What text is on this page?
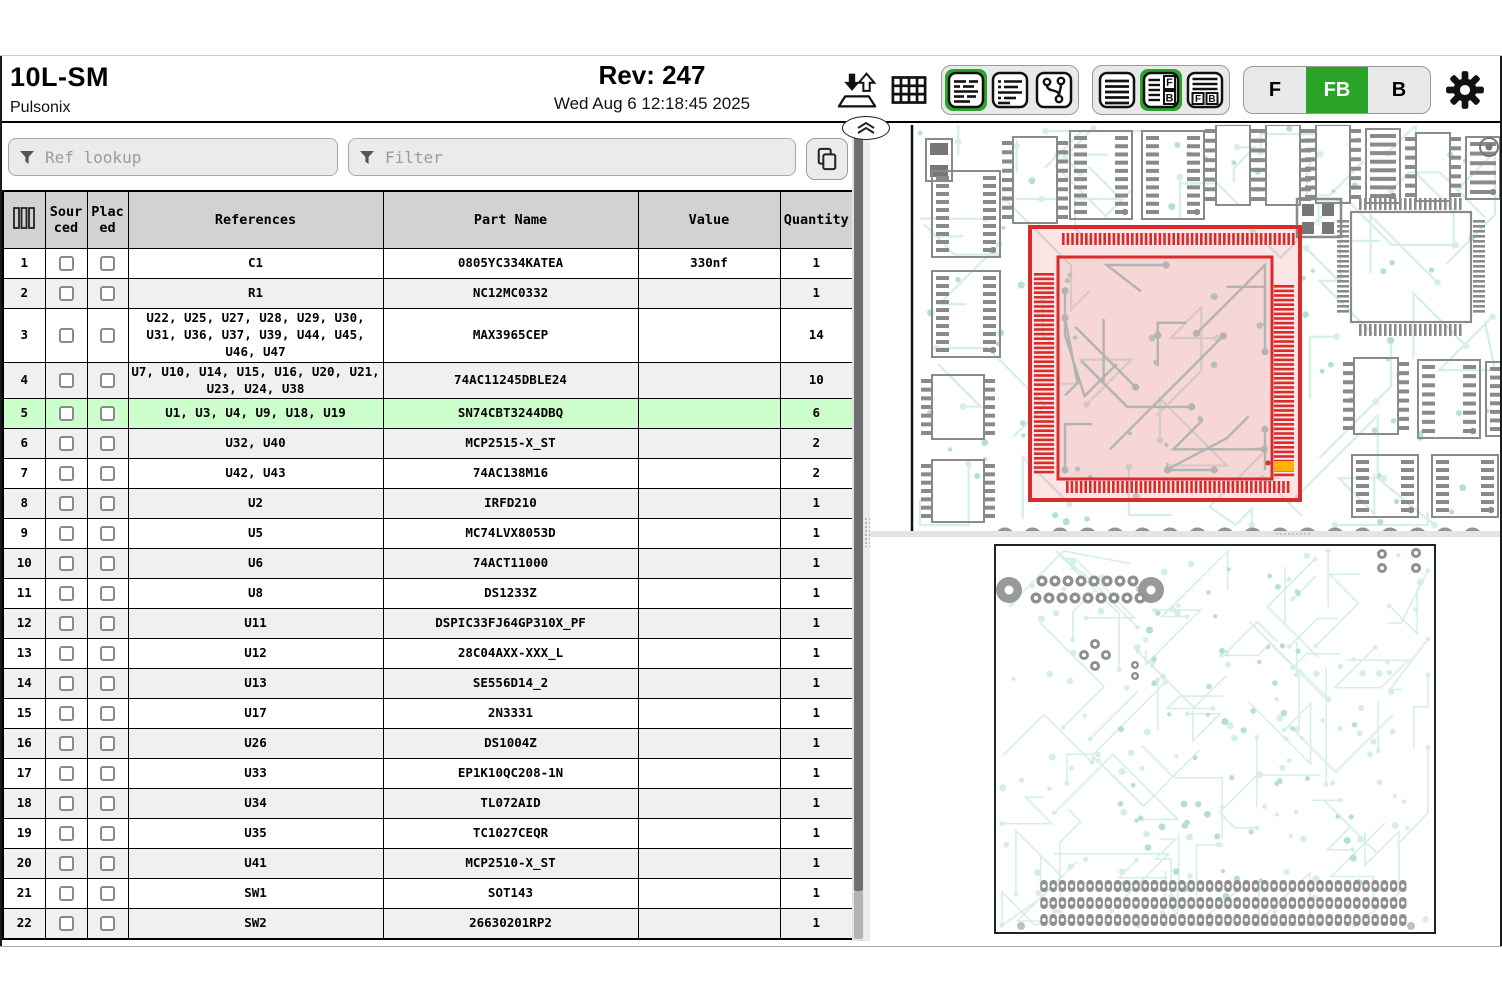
10L-SM
Pulsonix
Rev: 247
Wed Aug 6 12:18:45 2025
F
B F B	F	FB	B
Ref lookup
Filter
	Sourced	Placed	References	Part Name	Value	Quantity
1			C1	0805YC334KATEA	330nf	1
2			R1	NC12MC0332		1
3			U22, U25, U27, U28, U29, U30, U31, U36, U37, U39, U44, U45, U46, U47	MAX3965CEP		14
4			U7, U10, U14, U15, U16, U20, U21, U23, U24, U38	74AC11245DBLE24		10
5			U1, U3, U4, U9, U18, U19	SN74CBT3244DBQ		6
6			U32, U40	MCP2515-X_ST		2
7			U42, U43	74AC138M16		2
8			U2	IRFD210		1
9			U5	MC74LVX8053D		1
10			U6	74ACT11000		1
11			U8	DS1233Z		1
12			U11	DSPIC33FJ64GP310X_PF		1
13			U12	28C04AXX-XXX_L		1
14			U13	SE556D14_2		1
15			U17	2N3331		1
16			U26	DS1004Z		1
17			U33	EP1K10QC208-1N		1
18			U34	TL072AID		1
19			U35	TC1027CEQR		1
20			U41	MCP2510-X_ST		1
21			SW1	SOT143		1
22			SW2	26630201RP2		1
